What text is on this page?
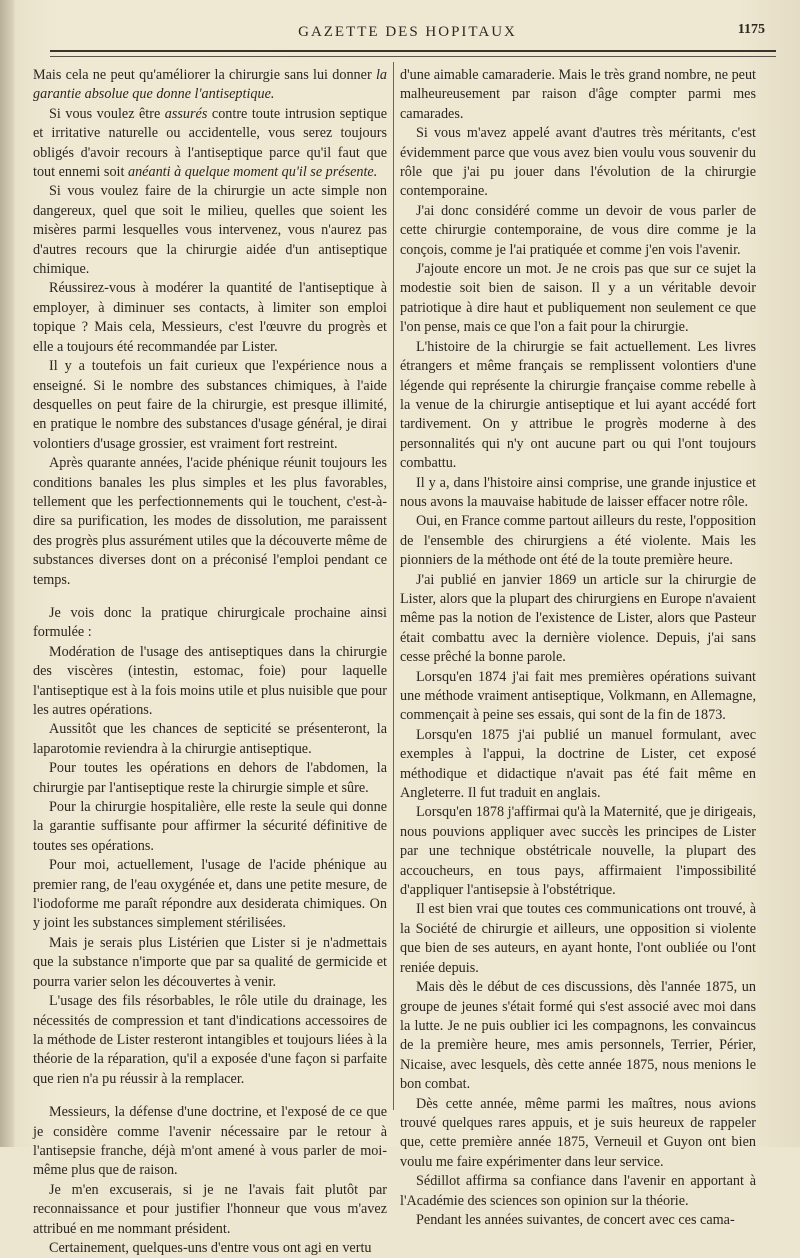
GAZETTE DES HOPITAUX	1175

Mais cela ne peut qu'améliorer la chirurgie sans lui donner la garantie absolue que donne l'antiseptique.

Si vous voulez être assurés contre toute intrusion septique et irritative naturelle ou accidentelle, vous serez toujours obligés d'avoir recours à l'antiseptique parce qu'il faut que tout ennemi soit anéanti à quelque moment qu'il se présente.

Si vous voulez faire de la chirurgie un acte simple non dangereux, quel que soit le milieu, quelles que soient les misères parmi lesquelles vous intervenez, vous n'aurez pas d'autres recours que la chirurgie aidée d'un antiseptique chimique.

Réussirez-vous à modérer la quantité de l'antiseptique à employer, à diminuer ses contacts, à limiter son emploi topique ? Mais cela, Messieurs, c'est l'œuvre du progrès et elle a toujours été recommandée par Lister.

Il y a toutefois un fait curieux que l'expérience nous a enseigné. Si le nombre des substances chimiques, à l'aide desquelles on peut faire de la chirurgie, est presque illimité, en pratique le nombre des substances d'usage général, je dirai volontiers d'usage grossier, est vraiment fort restreint.

Après quarante années, l'acide phénique réunit toujours les conditions banales les plus simples et les plus favorables, tellement que les perfectionnements qui le touchent, c'est-à-dire sa purification, les modes de dissolution, me paraissent des progrès plus assurément utiles que la découverte même de substances diverses dont on a préconisé l'emploi pendant ce temps.

Je vois donc la pratique chirurgicale prochaine ainsi formulée :

Modération de l'usage des antiseptiques dans la chirurgie des viscères (intestin, estomac, foie) pour laquelle l'antiseptique est à la fois moins utile et plus nuisible que pour les autres opérations.

Aussitôt que les chances de septicité se présenteront, la laparotomie reviendra à la chirurgie antiseptique.

Pour toutes les opérations en dehors de l'abdomen, la chirurgie par l'antiseptique reste la chirurgie simple et sûre.

Pour la chirurgie hospitalière, elle reste la seule qui donne la garantie suffisante pour affirmer la sécurité définitive de toutes ses opérations.

Pour moi, actuellement, l'usage de l'acide phénique au premier rang, de l'eau oxygénée et, dans une petite mesure, de l'iodoforme me paraît répondre aux desiderata chimiques. On y joint les substances simplement stérilisées.

Mais je serais plus Listérien que Lister si je n'admettais que la substance n'importe que par sa qualité de germicide et pourra varier selon les découvertes à venir.

L'usage des fils résorbables, le rôle utile du drainage, les nécessités de compression et tant d'indications accessoires de la méthode de Lister resteront intangibles et toujours liées à la théorie de la réparation, qu'il a exposée d'une façon si parfaite que rien n'a pu réussir à la remplacer.

Messieurs, la défense d'une doctrine, et l'exposé de ce que je considère comme l'avenir nécessaire par le retour à l'antisepsie franche, déjà m'ont amené à vous parler de moi-même plus que de raison.

Je m'en excuserais, si je ne l'avais fait plutôt par reconnaissance et pour justifier l'honneur que vous m'avez attribué en me nommant président.

Certainement, quelques-uns d'entre vous ont agi en vertu

d'une aimable camaraderie. Mais le très grand nombre, ne peut malheureusement par raison d'âge compter parmi mes camarades.

Si vous m'avez appelé avant d'autres très méritants, c'est évidemment parce que vous avez bien voulu vous souvenir du rôle que j'ai pu jouer dans l'évolution de la chirurgie contemporaine.

J'ai donc considéré comme un devoir de vous parler de cette chirurgie contemporaine, de vous dire comme je la conçois, comme je l'ai pratiquée et comme j'en vois l'avenir.

J'ajoute encore un mot. Je ne crois pas que sur ce sujet la modestie soit bien de saison. Il y a un véritable devoir patriotique à dire haut et publiquement non seulement ce que l'on pense, mais ce que l'on a fait pour la chirurgie.

L'histoire de la chirurgie se fait actuellement. Les livres étrangers et même français se remplissent volontiers d'une légende qui représente la chirurgie française comme rebelle à la venue de la chirurgie antiseptique et lui ayant accédé fort tardivement. On y attribue le progrès moderne à des personnalités qui n'y ont aucune part ou qui l'ont toujours combattu.

Il y a, dans l'histoire ainsi comprise, une grande injustice et nous avons la mauvaise habitude de laisser effacer notre rôle.

Oui, en France comme partout ailleurs du reste, l'opposition de l'ensemble des chirurgiens a été violente. Mais les pionniers de la méthode ont été de la toute première heure.

J'ai publié en janvier 1869 un article sur la chirurgie de Lister, alors que la plupart des chirurgiens en Europe n'avaient même pas la notion de l'existence de Lister, alors que Pasteur était combattu avec la dernière violence. Depuis, j'ai sans cesse prêché la bonne parole.

Lorsqu'en 1874 j'ai fait mes premières opérations suivant une méthode vraiment antiseptique, Volkmann, en Allemagne, commençait à peine ses essais, qui sont de la fin de 1873.

Lorsqu'en 1875 j'ai publié un manuel formulant, avec exemples à l'appui, la doctrine de Lister, cet exposé méthodique et didactique n'avait pas été fait même en Angleterre. Il fut traduit en anglais.

Lorsqu'en 1878 j'affirmai qu'à la Maternité, que je dirigeais, nous pouvions appliquer avec succès les principes de Lister par une technique obstétricale nouvelle, la plupart des accoucheurs, en tous pays, affirmaient l'impossibilité d'appliquer l'antisepsie à l'obstétrique.

Il est bien vrai que toutes ces communications ont trouvé, à la Société de chirurgie et ailleurs, une opposition si violente que bien de ses auteurs, en ayant honte, l'ont oubliée ou l'ont reniée depuis.

Mais dès le début de ces discussions, dès l'année 1875, un groupe de jeunes s'était formé qui s'est associé avec moi dans la lutte. Je ne puis oublier ici les compagnons, les convaincus de la première heure, mes amis personnels, Terrier, Périer, Nicaise, avec lesquels, dès cette année 1875, nous menions le bon combat.

Dès cette année, même parmi les maîtres, nous avions trouvé quelques rares appuis, et je suis heureux de rappeler que, cette première année 1875, Verneuil et Guyon ont bien voulu me faire expérimenter dans leur service.

Sédillot affirma sa confiance dans l'avenir en apportant à l'Académie des sciences son opinion sur la théorie.

Pendant les années suivantes, de concert avec ces cama-
